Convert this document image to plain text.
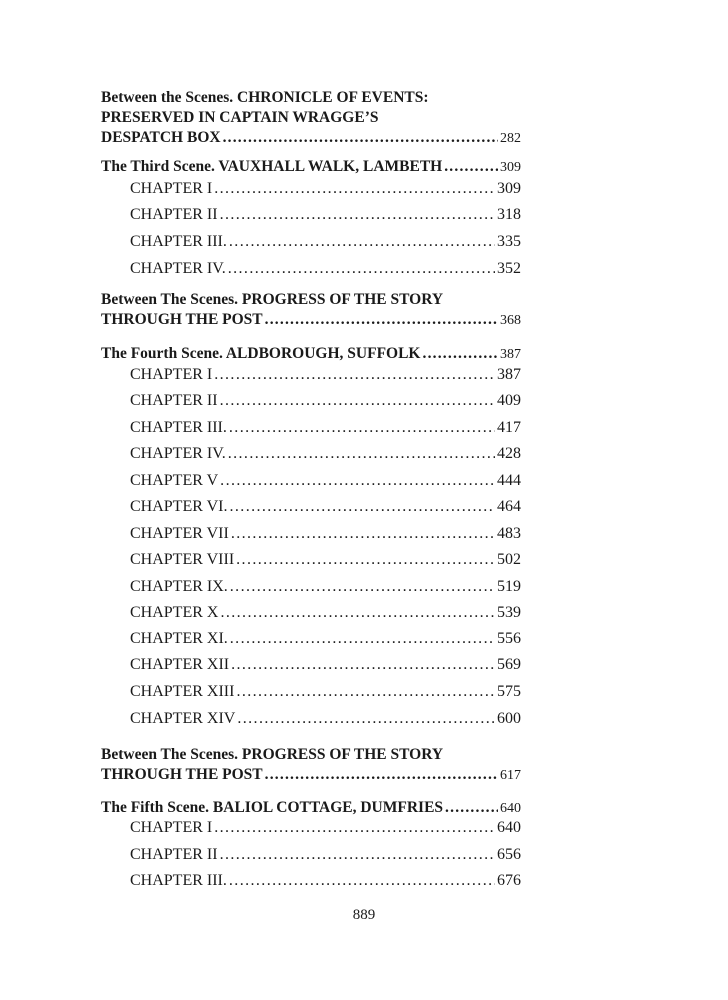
Between the Scenes. CHRONICLE OF EVENTS:
PRESERVED IN CAPTAIN WRAGGE’S
DESPATCH BOX .....	282
The Third Scene. VAUXHALL WALK, LAMBETH .....	309
CHAPTER I .....	309
CHAPTER II .....	318
CHAPTER III. .....	335
CHAPTER IV. .....	352
Between The Scenes. PROGRESS OF THE STORY
THROUGH THE POST .....	368
The Fourth Scene. ALDBOROUGH, SUFFOLK .....	387
CHAPTER I .....	387
CHAPTER II .....	409
CHAPTER III. .....	417
CHAPTER IV. .....	428
CHAPTER V .....	444
CHAPTER VI. .....	464
CHAPTER VII .....	483
CHAPTER VIII .....	502
CHAPTER IX. .....	519
CHAPTER X .....	539
CHAPTER XI. .....	556
CHAPTER XII .....	569
CHAPTER XIII .....	575
CHAPTER XIV .....	600
Between The Scenes. PROGRESS OF THE STORY
THROUGH THE POST .....	617
The Fifth Scene. BALIOL COTTAGE, DUMFRIES .....	640
CHAPTER I .....	640
CHAPTER II .....	656
CHAPTER III. .....	676
889
